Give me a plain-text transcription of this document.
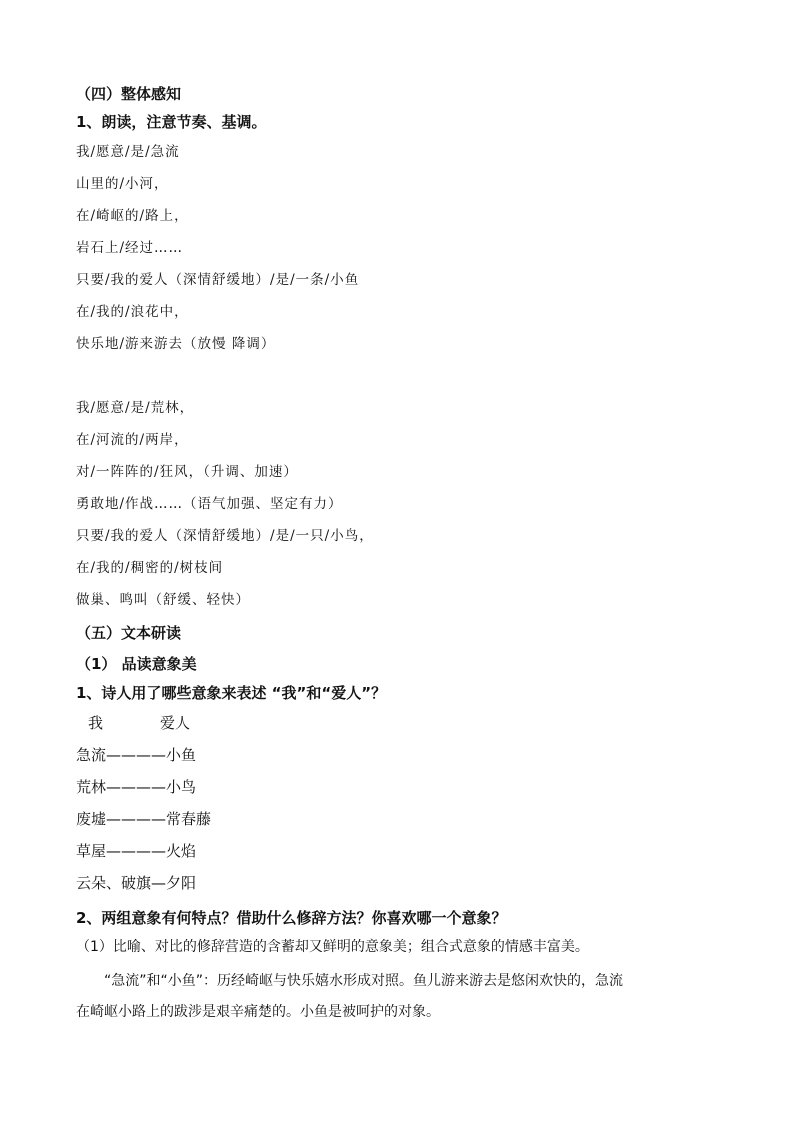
（四）整体感知
1、朗读，注意节奏、基调。
我/愿意/是/急流
山里的/小河，
在/崎岖的/路上，
岩石上/经过……
只要/我的爱人（深情舒缓地）/是/一条/小鱼
在/我的/浪花中，
快乐地/游来游去（放慢 降调）
我/愿意/是/荒林，
在/河流的/两岸，
对/一阵阵的/狂风，（升调、加速）
勇敢地/作战……（语气加强、坚定有力）
只要/我的爱人（深情舒缓地）/是/一只/小鸟，
在/我的/稠密的/树枝间
做巢、鸣叫（舒缓、轻快）
（五）文本研读
（1） 品读意象美
1、诗人用了哪些意象来表述 “我”和“爱人”？
我	爱人
急流————小鱼
荒林————小鸟
废墟————常春藤
草屋————火焰
云朵、破旗—夕阳
2、两组意象有何特点？借助什么修辞方法？你喜欢哪一个意象？
（1）比喻、对比的修辞营造的含蓄却又鲜明的意象美；组合式意象的情感丰富美。
“急流”和“小鱼”：历经崎岖与快乐嬉水形成对照。鱼儿游来游去是悠闲欢快的，急流
在崎岖小路上的跋涉是艰辛痛楚的。小鱼是被呵护的对象。
